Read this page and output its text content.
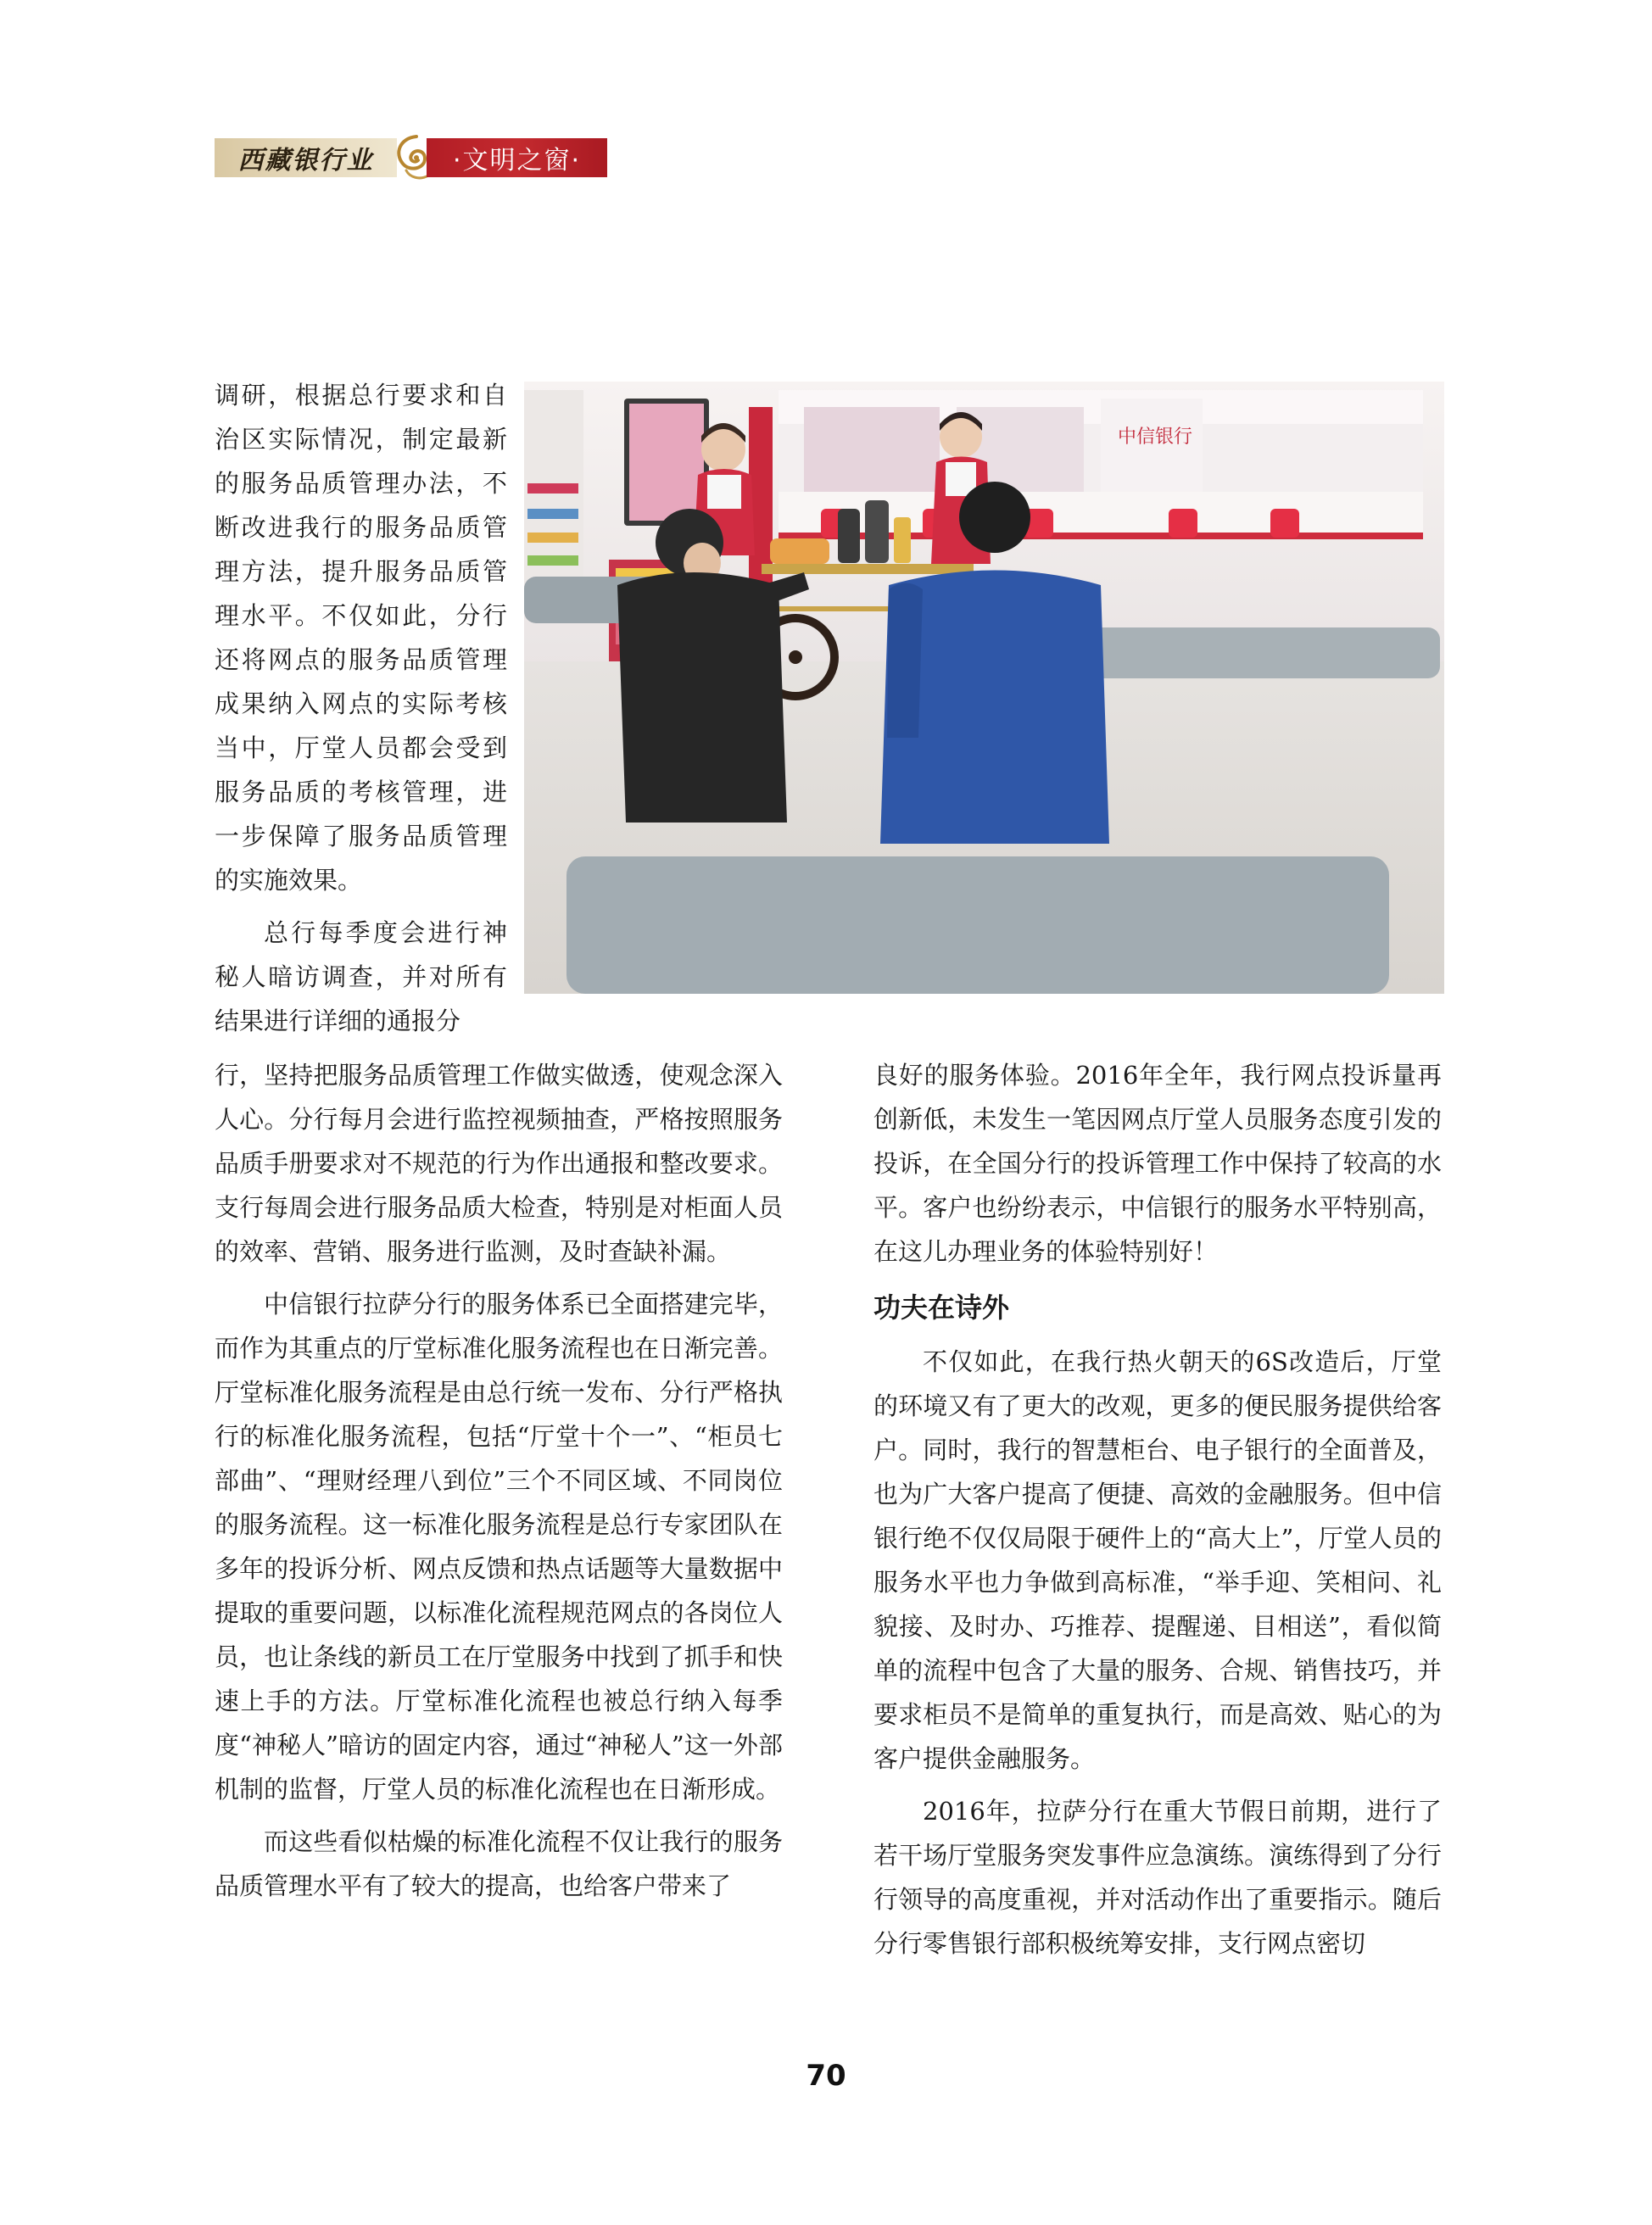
西藏银行业	·文明之窗·
中信银行

调研，根据总行要求和自治区实际情况，制定最新的服务品质管理办法，不断改进我行的服务品质管理方法，提升服务品质管理水平。不仅如此，分行还将网点的服务品质管理成果纳入网点的实际考核当中，厅堂人员都会受到服务品质的考核管理，进一步保障了服务品质管理的实施效果。

总行每季度会进行神秘人暗访调查，并对所有结果进行详细的通报分

行，坚持把服务品质管理工作做实做透，使观念深入人心。分行每月会进行监控视频抽查，严格按照服务品质手册要求对不规范的行为作出通报和整改要求。支行每周会进行服务品质大检查，特别是对柜面人员的效率、营销、服务进行监测，及时查缺补漏。

中信银行拉萨分行的服务体系已全面搭建完毕，而作为其重点的厅堂标准化服务流程也在日渐完善。厅堂标准化服务流程是由总行统一发布、分行严格执行的标准化服务流程，包括“厅堂十个一”、“柜员七部曲”、“理财经理八到位”三个不同区域、不同岗位的服务流程。这一标准化服务流程是总行专家团队在多年的投诉分析、网点反馈和热点话题等大量数据中提取的重要问题，以标准化流程规范网点的各岗位人员，也让条线的新员工在厅堂服务中找到了抓手和快速上手的方法。厅堂标准化流程也被总行纳入每季度“神秘人”暗访的固定内容，通过“神秘人”这一外部机制的监督，厅堂人员的标准化流程也在日渐形成。

而这些看似枯燥的标准化流程不仅让我行的服务品质管理水平有了较大的提高，也给客户带来了

良好的服务体验。2016年全年，我行网点投诉量再创新低，未发生一笔因网点厅堂人员服务态度引发的投诉，在全国分行的投诉管理工作中保持了较高的水平。客户也纷纷表示，中信银行的服务水平特别高，在这儿办理业务的体验特别好！

功夫在诗外

不仅如此，在我行热火朝天的6S改造后，厅堂的环境又有了更大的改观，更多的便民服务提供给客户。同时，我行的智慧柜台、电子银行的全面普及，也为广大客户提高了便捷、高效的金融服务。但中信银行绝不仅仅局限于硬件上的“高大上”，厅堂人员的服务水平也力争做到高标准，“举手迎、笑相问、礼貌接、及时办、巧推荐、提醒递、目相送”，看似简单的流程中包含了大量的服务、合规、销售技巧，并要求柜员不是简单的重复执行，而是高效、贴心的为客户提供金融服务。

2016年，拉萨分行在重大节假日前期，进行了若干场厅堂服务突发事件应急演练。演练得到了分行行领导的高度重视，并对活动作出了重要指示。随后分行零售银行部积极统筹安排，支行网点密切

70
